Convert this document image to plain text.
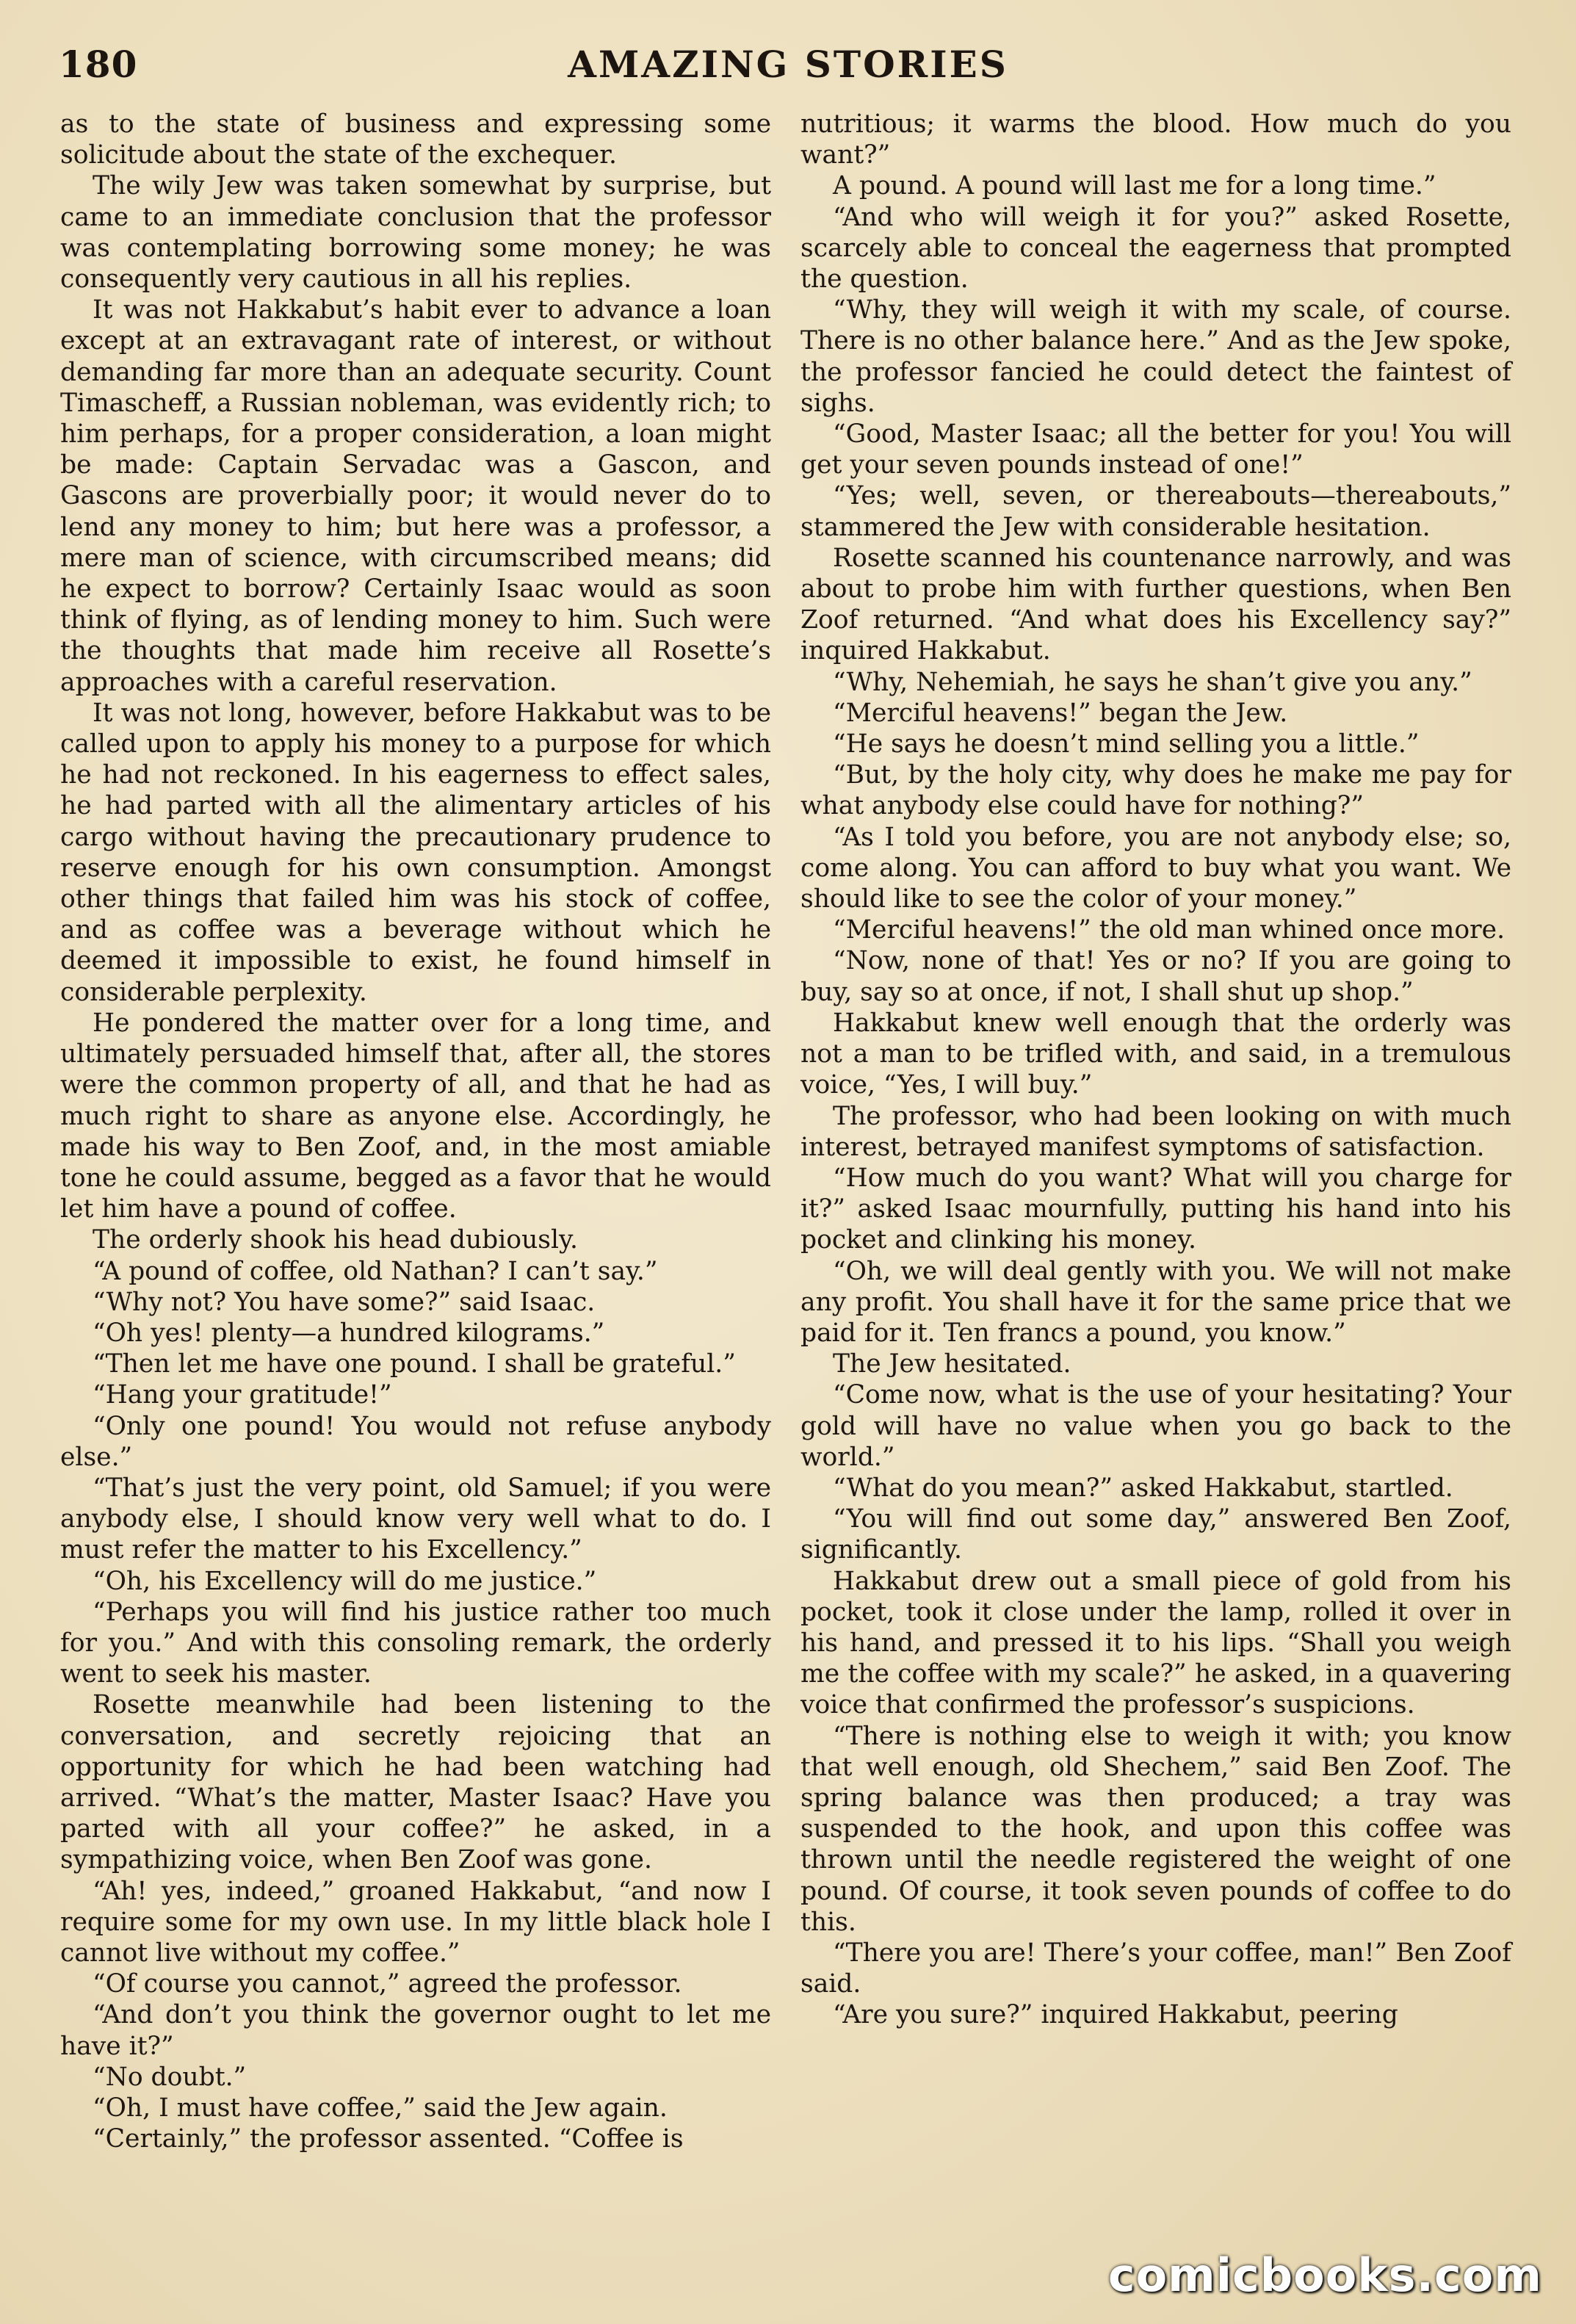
180	AMAZING STORIES

as to the state of business and expressing some solicitude about the state of the exchequer.

The wily Jew was taken somewhat by surprise, but came to an immediate conclusion that the professor was contemplating borrowing some money; he was consequently very cautious in all his replies.

It was not Hakkabut’s habit ever to advance a loan except at an extravagant rate of interest, or without demanding far more than an adequate security. Count Timascheff, a Russian nobleman, was evidently rich; to him perhaps, for a proper consideration, a loan might be made: Captain Servadac was a Gascon, and Gascons are proverbially poor; it would never do to lend any money to him; but here was a professor, a mere man of science, with circumscribed means; did he expect to borrow? Certainly Isaac would as soon think of flying, as of lending money to him. Such were the thoughts that made him receive all Rosette’s approaches with a careful reservation.

It was not long, however, before Hakkabut was to be called upon to apply his money to a purpose for which he had not reckoned. In his eagerness to effect sales, he had parted with all the alimentary articles of his cargo without having the precautionary prudence to reserve enough for his own consumption. Amongst other things that failed him was his stock of coffee, and as coffee was a beverage without which he deemed it impossible to exist, he found himself in considerable perplexity.

He pondered the matter over for a long time, and ultimately persuaded himself that, after all, the stores were the common property of all, and that he had as much right to share as anyone else. Accordingly, he made his way to Ben Zoof, and, in the most amiable tone he could assume, begged as a favor that he would let him have a pound of coffee.

The orderly shook his head dubiously.

“A pound of coffee, old Nathan? I can’t say.”

“Why not? You have some?” said Isaac.

“Oh yes! plenty—a hundred kilograms.”

“Then let me have one pound. I shall be grateful.”

“Hang your gratitude!”

“Only one pound! You would not refuse anybody else.”

“That’s just the very point, old Samuel; if you were anybody else, I should know very well what to do. I must refer the matter to his Excellency.”

“Oh, his Excellency will do me justice.”

“Perhaps you will find his justice rather too much for you.” And with this consoling remark, the orderly went to seek his master.

Rosette meanwhile had been listening to the conversation, and secretly rejoicing that an opportunity for which he had been watching had arrived. “What’s the matter, Master Isaac? Have you parted with all your coffee?” he asked, in a sympathizing voice, when Ben Zoof was gone.

“Ah! yes, indeed,” groaned Hakkabut, “and now I require some for my own use. In my little black hole I cannot live without my coffee.”

“Of course you cannot,” agreed the professor.

“And don’t you think the governor ought to let me have it?”

“No doubt.”

“Oh, I must have coffee,” said the Jew again.

“Certainly,” the professor assented. “Coffee is

nutritious; it warms the blood. How much do you want?”

A pound. A pound will last me for a long time.”

“And who will weigh it for you?” asked Rosette, scarcely able to conceal the eagerness that prompted the question.

“Why, they will weigh it with my scale, of course. There is no other balance here.” And as the Jew spoke, the professor fancied he could detect the faintest of sighs.

“Good, Master Isaac; all the better for you! You will get your seven pounds instead of one!”

“Yes; well, seven, or thereabouts—thereabouts,” stammered the Jew with considerable hesitation.

Rosette scanned his countenance narrowly, and was about to probe him with further questions, when Ben Zoof returned. “And what does his Excellency say?” inquired Hakkabut.

“Why, Nehemiah, he says he shan’t give you any.”

“Merciful heavens!” began the Jew.

“He says he doesn’t mind selling you a little.”

“But, by the holy city, why does he make me pay for what anybody else could have for nothing?”

“As I told you before, you are not anybody else; so, come along. You can afford to buy what you want. We should like to see the color of your money.”

“Merciful heavens!” the old man whined once more.

“Now, none of that! Yes or no? If you are going to buy, say so at once, if not, I shall shut up shop.”

Hakkabut knew well enough that the orderly was not a man to be trifled with, and said, in a tremulous voice, “Yes, I will buy.”

The professor, who had been looking on with much interest, betrayed manifest symptoms of satisfaction.

“How much do you want? What will you charge for it?” asked Isaac mournfully, putting his hand into his pocket and clinking his money.

“Oh, we will deal gently with you. We will not make any profit. You shall have it for the same price that we paid for it. Ten francs a pound, you know.”

The Jew hesitated.

“Come now, what is the use of your hesitating? Your gold will have no value when you go back to the world.”

“What do you mean?” asked Hakkabut, startled.

“You will find out some day,” answered Ben Zoof, significantly.

Hakkabut drew out a small piece of gold from his pocket, took it close under the lamp, rolled it over in his hand, and pressed it to his lips. “Shall you weigh me the coffee with my scale?” he asked, in a quavering voice that confirmed the professor’s suspicions.

“There is nothing else to weigh it with; you know that well enough, old Shechem,” said Ben Zoof. The spring balance was then produced; a tray was suspended to the hook, and upon this coffee was thrown until the needle registered the weight of one pound. Of course, it took seven pounds of coffee to do this.

“There you are! There’s your coffee, man!” Ben Zoof said.

“Are you sure?” inquired Hakkabut, peering

comicbooks.com
